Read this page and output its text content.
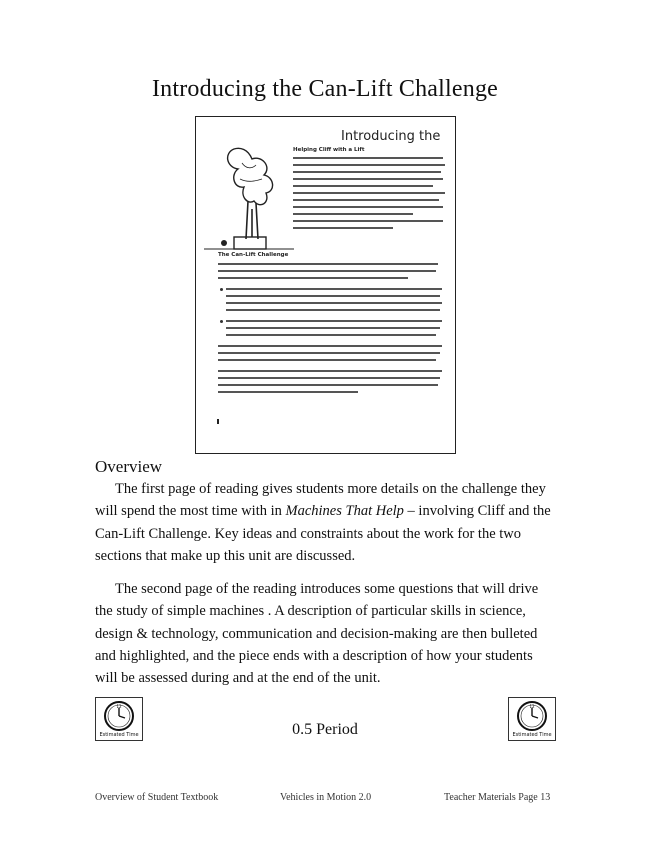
Introducing the Can-Lift Challenge
Introducing the
Helping Cliff with a Lift
The Can-Lift Challenge
Overview

The first page of reading gives students more details on the challenge they will spend the most time with in Machines That Help – involving Cliff and the Can-Lift Challenge. Key ideas and constraints about the work for the two sections that make up this unit are discussed.

The second page of the reading introduces some questions that will drive the study of simple machines . A description of particular skills in science, design & technology, communication and decision-making are then bulleted and highlighted, and the piece ends with a description of how your students will be assessed during and at the end of the unit.

12
Estimated Time	0.5 Period
12
Estimated Time
Overview of Student Textbook	Vehicles in Motion 2.0	Teacher Materials Page 13
